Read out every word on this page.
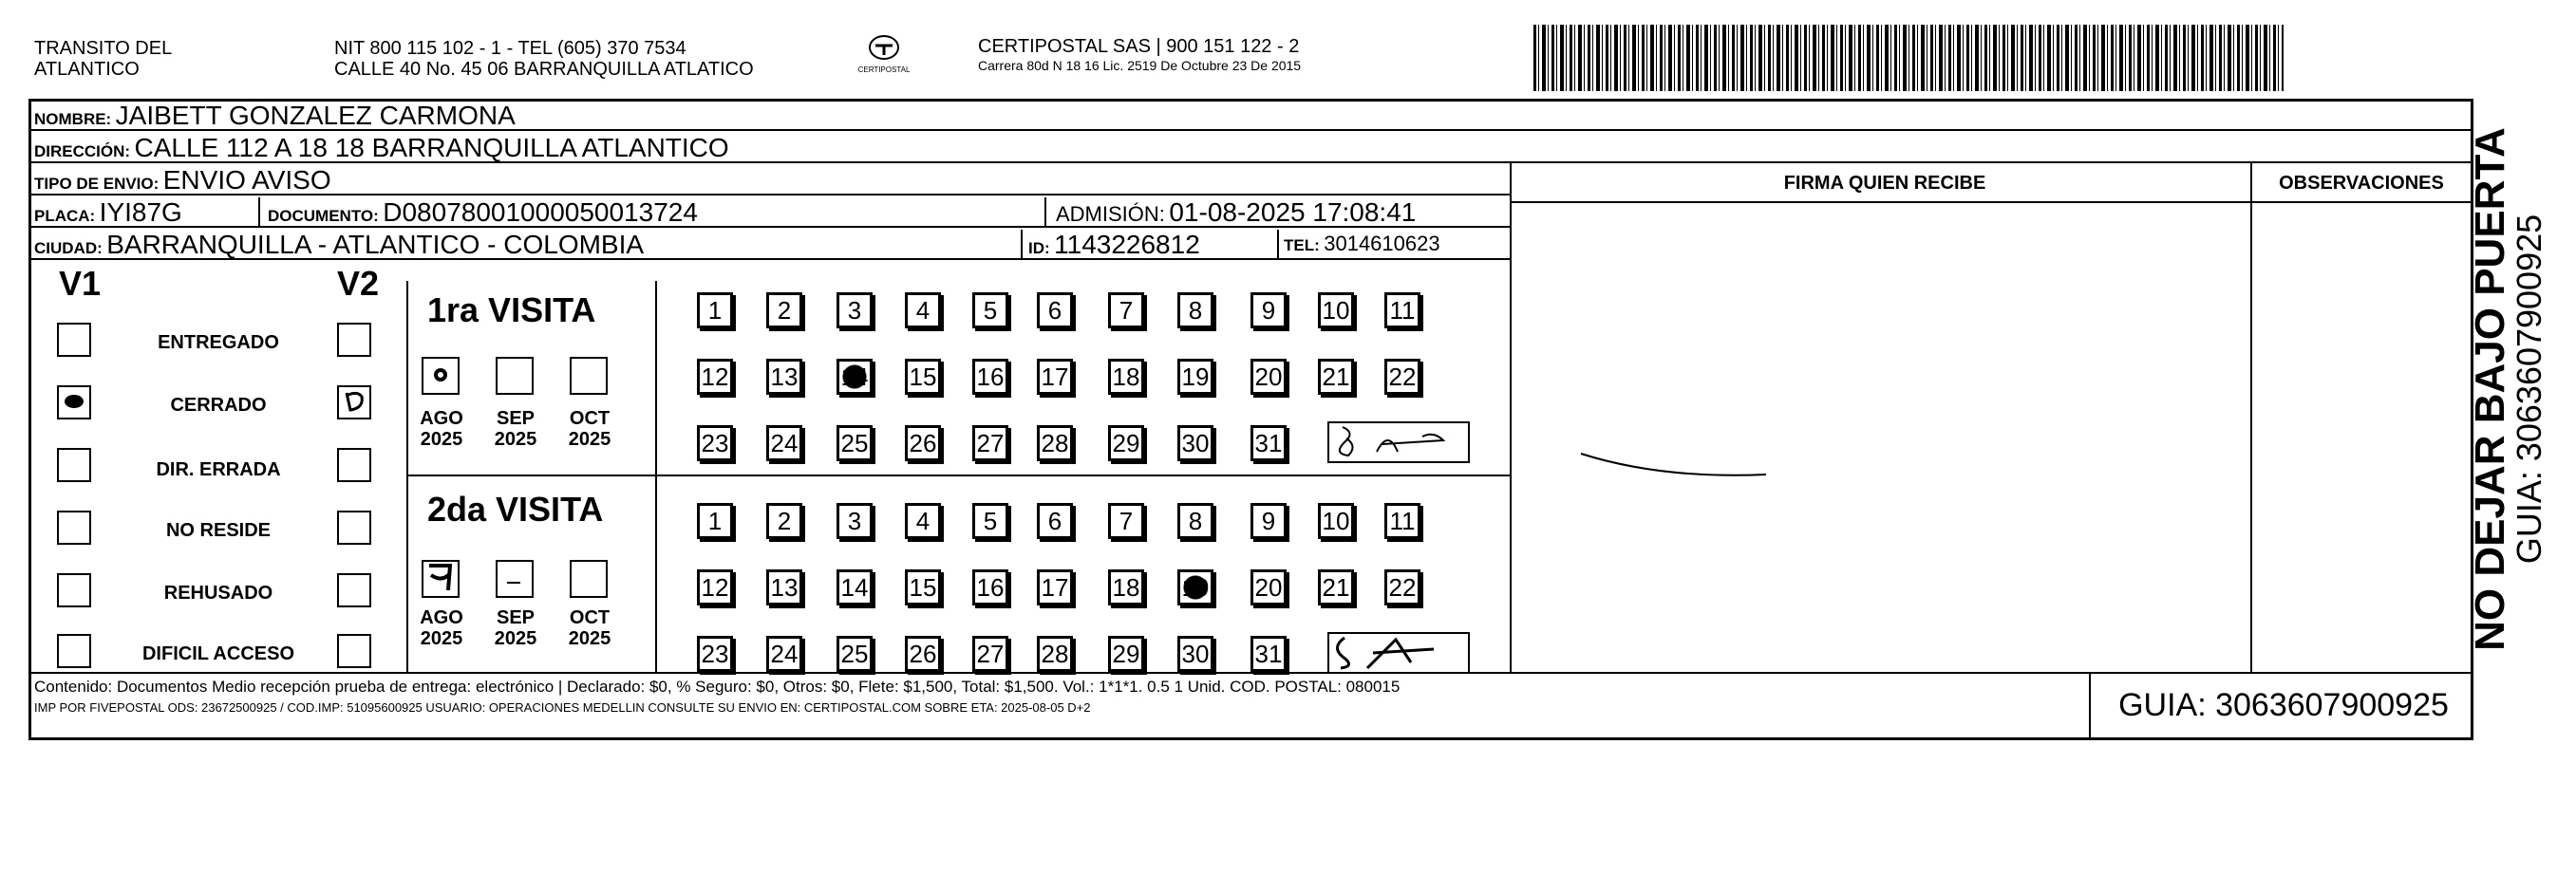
TRANSITO DEL
ATLANTICO
NIT 800 115 102 - 1 - TEL (605) 370 7534
CALLE 40 No. 45 06 BARRANQUILLA ATLATICO	CERTIPOSTAL
CERTIPOSTAL SAS | 900 151 122 - 2
Carrera 80d N 18 16 Lic. 2519 De Octubre 23 De 2015
NOMBRE: JAIBETT GONZALEZ CARMONA
DIRECCIÓN: CALLE 112 A 18 18 BARRANQUILLA ATLANTICO
TIPO DE ENVIO: ENVIO AVISO	FIRMA QUIEN RECIBE	OBSERVACIONES
PLACA: IYI87G	DOCUMENTO: D08078001000050013724	ADMISIÓN: 01-08-2025 17:08:41
CIUDAD: BARRANQUILLA - ATLANTICO - COLOMBIA	ID: 1143226812	TEL: 3014610623
V1	V2
ENTREGADO
CERRADO
DIR. ERRADA
NO RESIDE
REHUSADO
DIFICIL ACCESO
1ra VISITA
AGO
2025
SEP
2025
OCT
2025
2da VISITA
AGO
2025
SEP
2025
OCT
2025
1	2	3	4	5	6	7	8	9	10 11
12 13 14 15 16 17 18 19 20 21 22
23 24 25 26 27 28 29 30 31
1	2	3	4	5	6	7	8	9	10 11
12 13 14 15 16 17 18 19 20 21 22
23 24 25 26 27 28 29 30 31
Contenido: Documentos Medio recepción prueba de entrega: electrónico | Declarado: $0, % Seguro: $0, Otros: $0, Flete: $1,500, Total: $1,500. Vol.: 1*1*1. 0.5 1 Unid. COD. POSTAL: 080015
IMP POR FIVEPOSTAL ODS: 23672500925 / COD.IMP: 51095600925 USUARIO: OPERACIONES MEDELLIN CONSULTE SU ENVIO EN: CERTIPOSTAL.COM SOBRE ETA: 2025-08-05 D+2	GUIA: 3063607900925
NO DEJAR BAJO PUERTA
GUIA: 3063607900925
